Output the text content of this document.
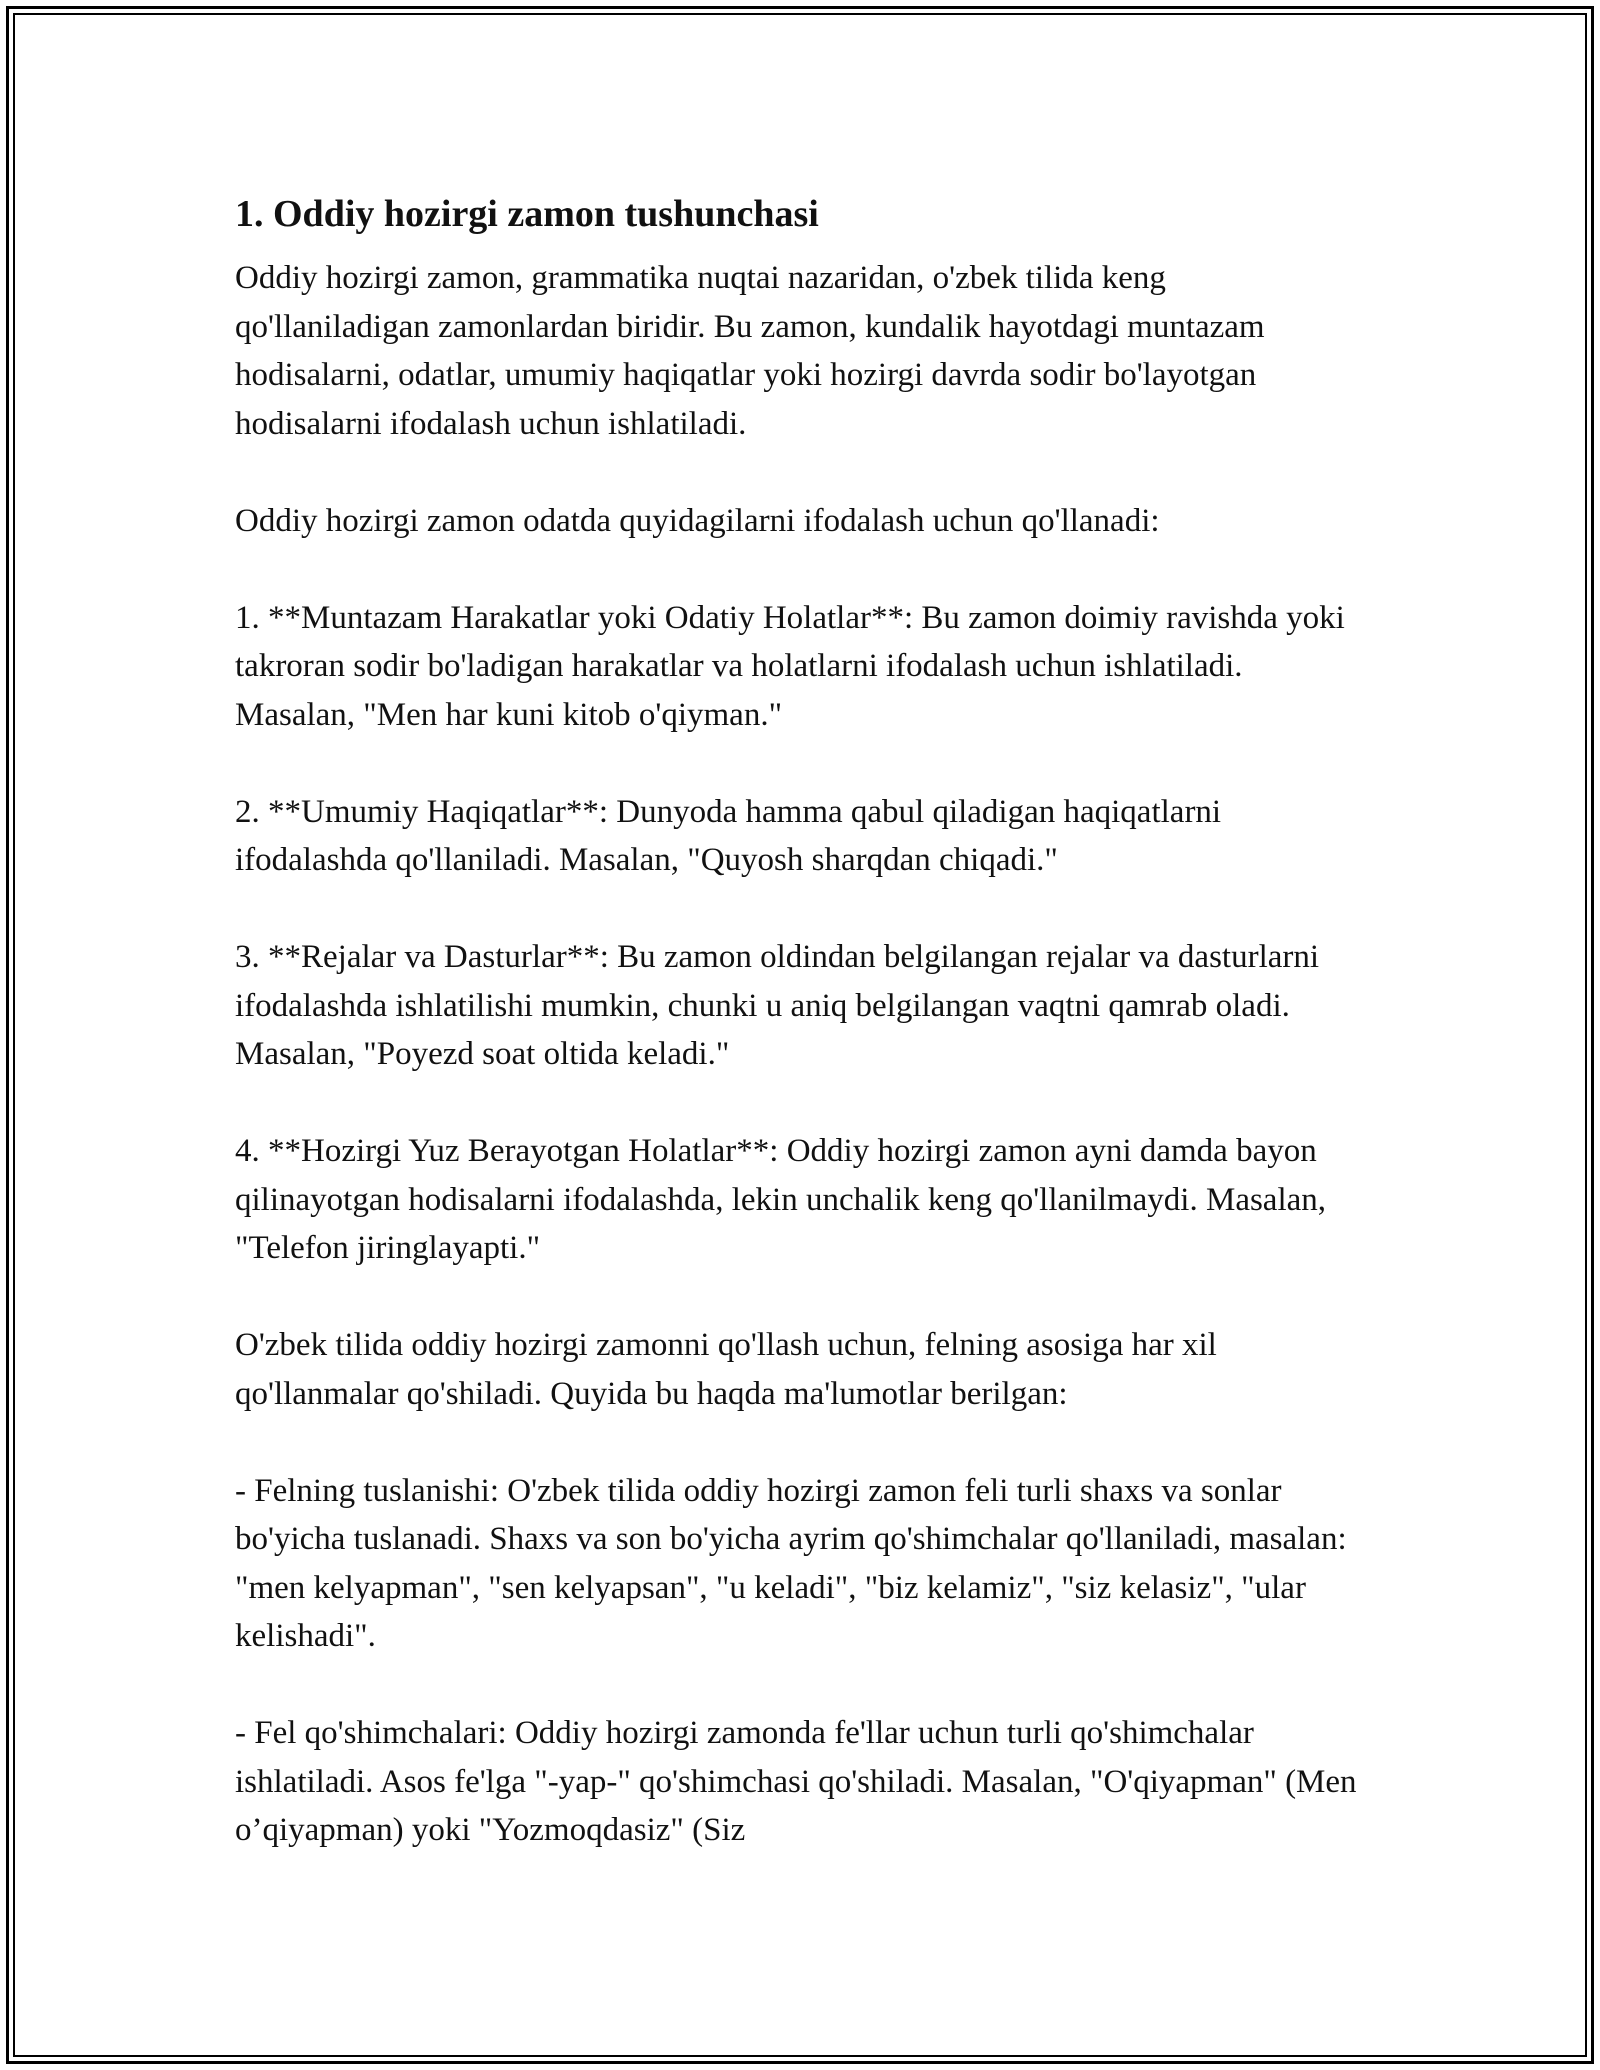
1. Oddiy hozirgi zamon tushunchasi

Oddiy hozirgi zamon, grammatika nuqtai nazaridan, o'zbek tilida keng qo'llaniladigan zamonlardan biridir. Bu zamon, kundalik hayotdagi muntazam hodisalarni, odatlar, umumiy haqiqatlar yoki hozirgi davrda sodir bo'layotgan hodisalarni ifodalash uchun ishlatiladi.

Oddiy hozirgi zamon odatda quyidagilarni ifodalash uchun qo'llanadi:

1. **Muntazam Harakatlar yoki Odatiy Holatlar**: Bu zamon doimiy ravishda yoki takroran sodir bo'ladigan harakatlar va holatlarni ifodalash uchun ishlatiladi. Masalan, "Men har kuni kitob o'qiyman."

2. **Umumiy Haqiqatlar**: Dunyoda hamma qabul qiladigan haqiqatlarni ifodalashda qo'llaniladi. Masalan, "Quyosh sharqdan chiqadi."

3. **Rejalar va Dasturlar**: Bu zamon oldindan belgilangan rejalar va dasturlarni ifodalashda ishlatilishi mumkin, chunki u aniq belgilangan vaqtni qamrab oladi. Masalan, "Poyezd soat oltida keladi."

4. **Hozirgi Yuz Berayotgan Holatlar**: Oddiy hozirgi zamon ayni damda bayon qilinayotgan hodisalarni ifodalashda, lekin unchalik keng qo'llanilmaydi. Masalan, "Telefon jiringlayapti."

O'zbek tilida oddiy hozirgi zamonni qo'llash uchun, felning asosiga har xil qo'llanmalar qo'shiladi. Quyida bu haqda ma'lumotlar berilgan:

- Felning tuslanishi: O'zbek tilida oddiy hozirgi zamon feli turli shaxs va sonlar bo'yicha tuslanadi. Shaxs va son bo'yicha ayrim qo'shimchalar qo'llaniladi, masalan: "men kelyapman", "sen kelyapsan", "u keladi", "biz kelamiz", "siz kelasiz", "ular kelishadi".

- Fel qo'shimchalari: Oddiy hozirgi zamonda fe'llar uchun turli qo'shimchalar ishlatiladi. Asos fe'lga "-yap-" qo'shimchasi qo'shiladi. Masalan, "O'qiyapman" (Men o’qiyapman) yoki "Yozmoqdasiz" (Siz
